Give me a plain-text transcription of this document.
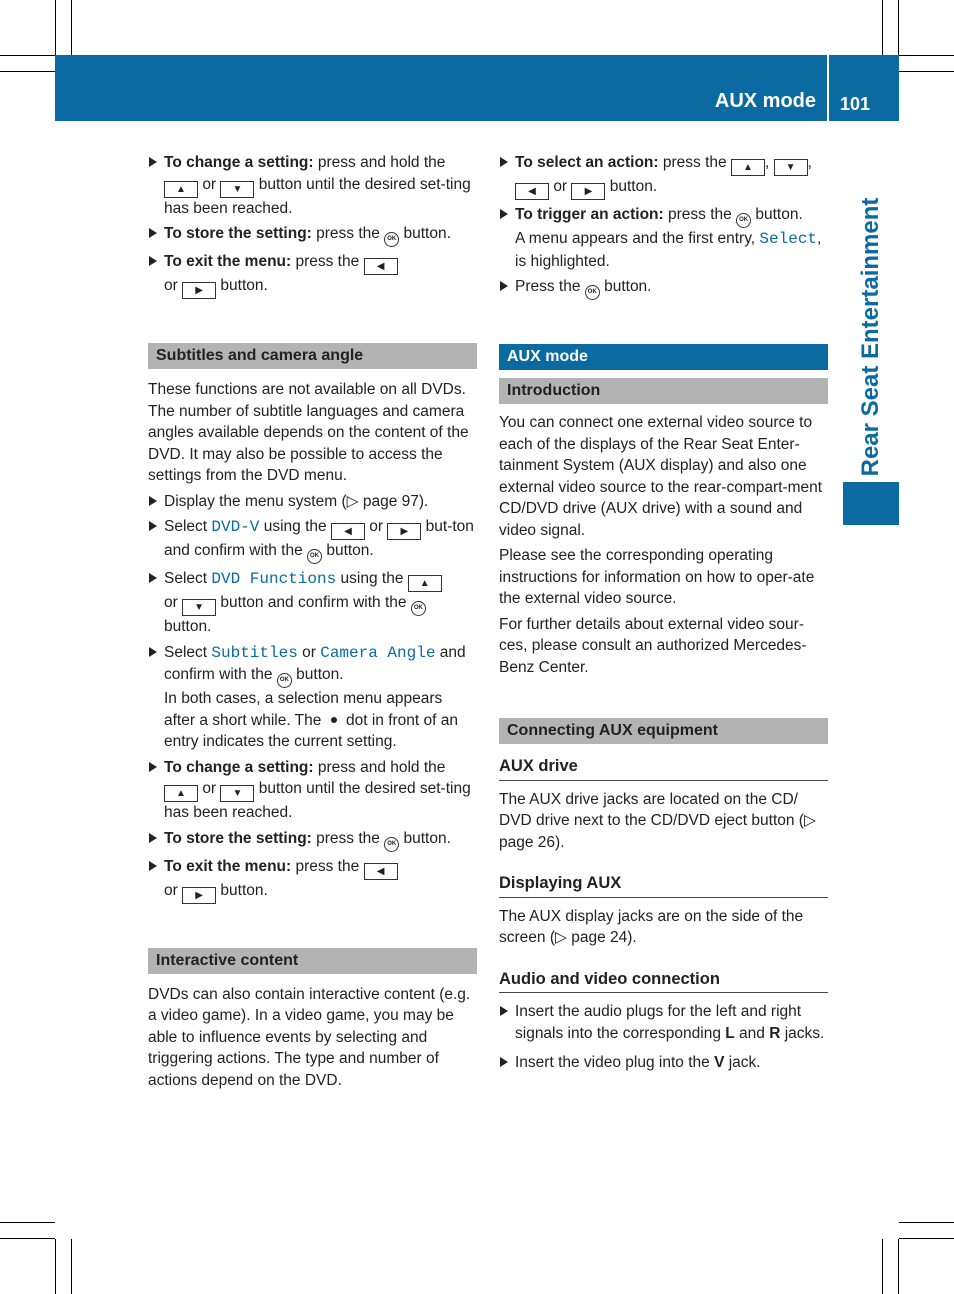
AUX mode 101
Rear Seat Entertainment
To change a setting: press and hold the ▲ or ▼ button until the desired set-ting has been reached.
To store the setting: press the OK button.
To exit the menu: press the ◀
or ▶ button.
Subtitles and camera angle

These functions are not available on all DVDs. The number of subtitle languages and camera angles available depends on the content of the DVD. It may also be possible to access the settings from the DVD menu.

Display the menu system (▷ page 97).
Select DVD-V using the ◀ or ▶ but-ton and confirm with the OK button.
Select DVD Functions using the ▲
or ▼ button and confirm with the OK button.
Select Subtitles or Camera Angle and confirm with the OK button.
In both cases, a selection menu appears after a short while. The  dot in front of an entry indicates the current setting.
To change a setting: press and hold the ▲ or ▼ button until the desired set-ting has been reached.
To store the setting: press the OK button.
To exit the menu: press the ◀
or ▶ button.
Interactive content

DVDs can also contain interactive content (e.g. a video game). In a video game, you may be able to influence events by selecting and triggering actions. The type and number of actions depend on the DVD.

To select an action: press the ▲ , ▼ ,
◀ or ▶ button.
To trigger an action: press the OK button.
A menu appears and the first entry, Select, is highlighted.
Press the OK button.
AUX mode
Introduction

You can connect one external video source to each of the displays of the Rear Seat Enter-tainment System (AUX display) and also one external video source to the rear-compart-ment CD/DVD drive (AUX drive) with a sound and video signal.

Please see the corresponding operating instructions for information on how to oper-ate the external video source.

For further details about external video sour-ces, please consult an authorized Mercedes-Benz Center.

Connecting AUX equipment
AUX drive

The AUX drive jacks are located on the CD/ DVD drive next to the CD/DVD eject button (▷ page 26).

Displaying AUX

The AUX display jacks are on the side of the screen (▷ page 24).

Audio and video connection
Insert the audio plugs for the left and right signals into the corresponding L and R jacks.
Insert the video plug into the V jack.
